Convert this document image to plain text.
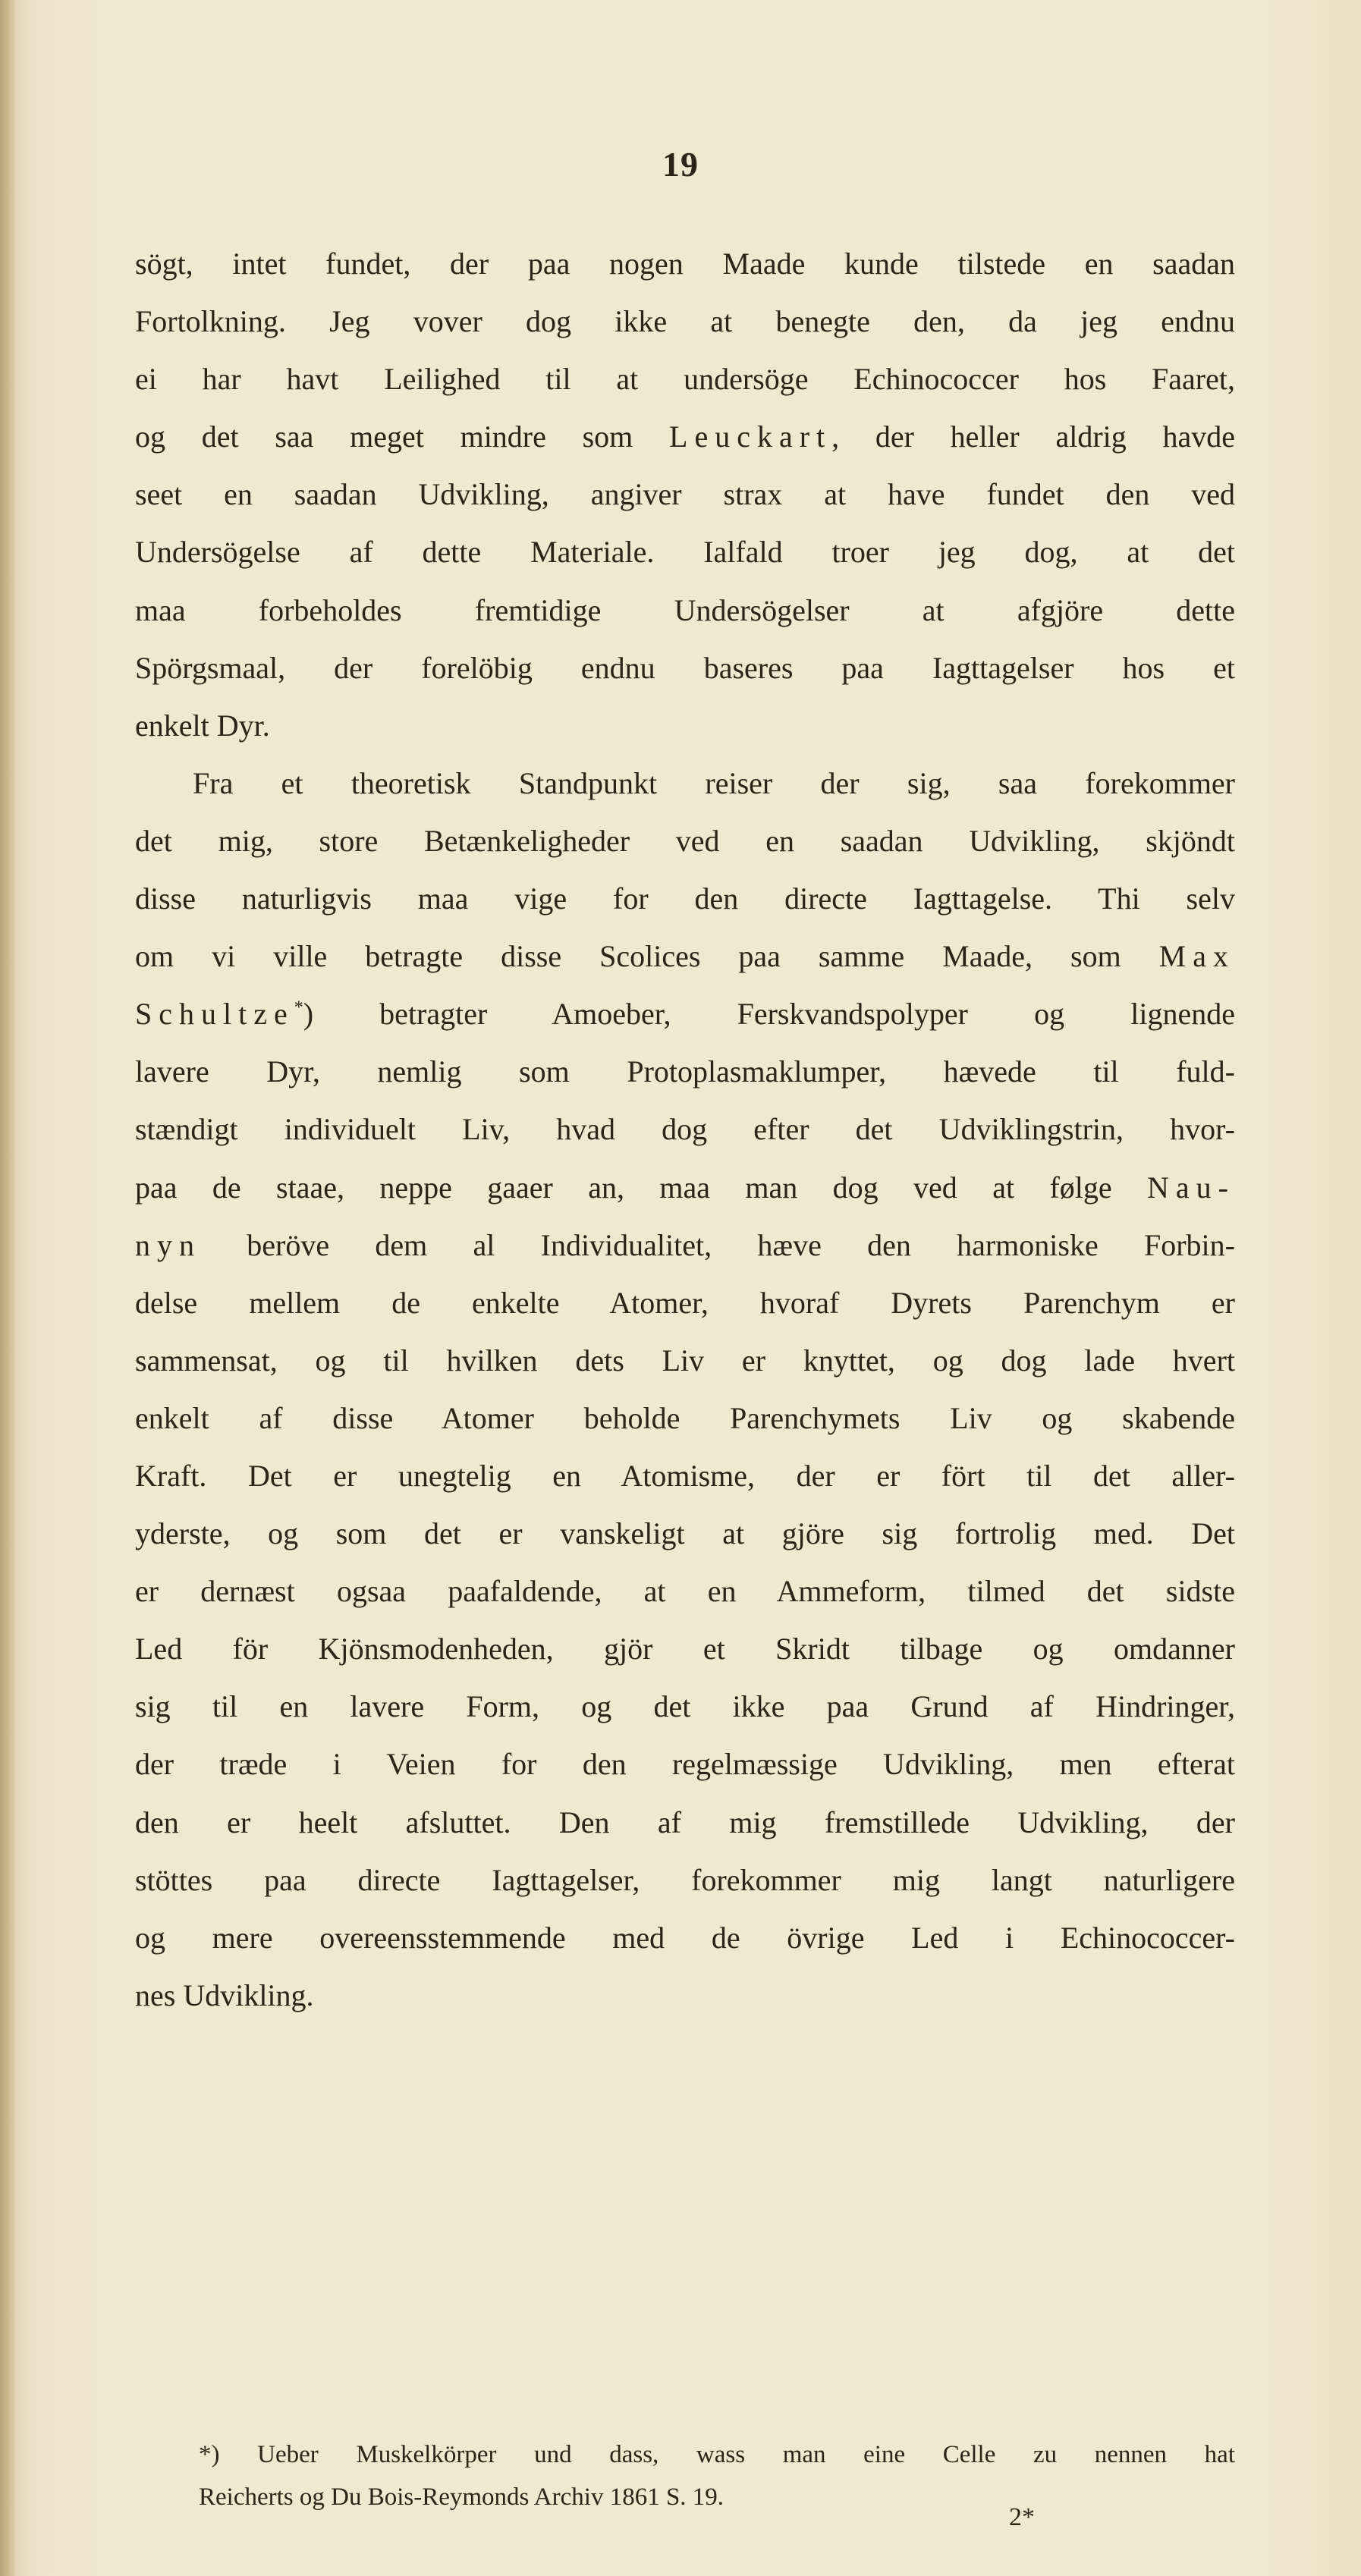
19
sögt, intet fundet, der paa nogen Maade kunde tilstede en saadan
Fortolkning. Jeg vover dog ikke at benegte den, da jeg endnu
ei har havt Leilighed til at undersöge Echinococcer hos Faaret,
og det saa meget mindre som Leuckart, der heller aldrig havde
seet en saadan Udvikling, angiver strax at have fundet den ved
Undersögelse af dette Materiale. Ialfald troer jeg dog, at det
maa forbeholdes fremtidige Undersögelser at afgjöre dette
Spörgsmaal, der forelöbig endnu baseres paa Iagttagelser hos et
enkelt Dyr.
Fra et theoretisk Standpunkt reiser der sig, saa forekommer
det mig, store Betænkeligheder ved en saadan Udvikling, skjöndt
disse naturligvis maa vige for den directe Iagttagelse. Thi selv
om vi ville betragte disse Scolices paa samme Maade, som Max
Schultze*) betragter Amoeber, Ferskvandspolyper og lignende
lavere Dyr, nemlig som Protoplasmaklumper, hævede til fuld-
stændigt individuelt Liv, hvad dog efter det Udviklingstrin, hvor-
paa de staae, neppe gaaer an, maa man dog ved at følge Nau-
nyn beröve dem al Individualitet, hæve den harmoniske Forbin-
delse mellem de enkelte Atomer, hvoraf Dyrets Parenchym er
sammensat, og til hvilken dets Liv er knyttet, og dog lade hvert
enkelt af disse Atomer beholde Parenchymets Liv og skabende
Kraft. Det er unegtelig en Atomisme, der er fört til det aller-
yderste, og som det er vanskeligt at gjöre sig fortrolig med. Det
er dernæst ogsaa paafaldende, at en Ammeform, tilmed det sidste
Led för Kjönsmodenheden, gjör et Skridt tilbage og omdanner
sig til en lavere Form, og det ikke paa Grund af Hindringer,
der træde i Veien for den regelmæssige Udvikling, men efterat
den er heelt afsluttet. Den af mig fremstillede Udvikling, der
stöttes paa directe Iagttagelser, forekommer mig langt naturligere
og mere overeensstemmende med de övrige Led i Echinococcer-
nes Udvikling.
*) Ueber Muskelkörper und dass, wass man eine Celle zu nennen hat
Reicherts og Du Bois-Reymonds Archiv 1861 S. 19.
2*
